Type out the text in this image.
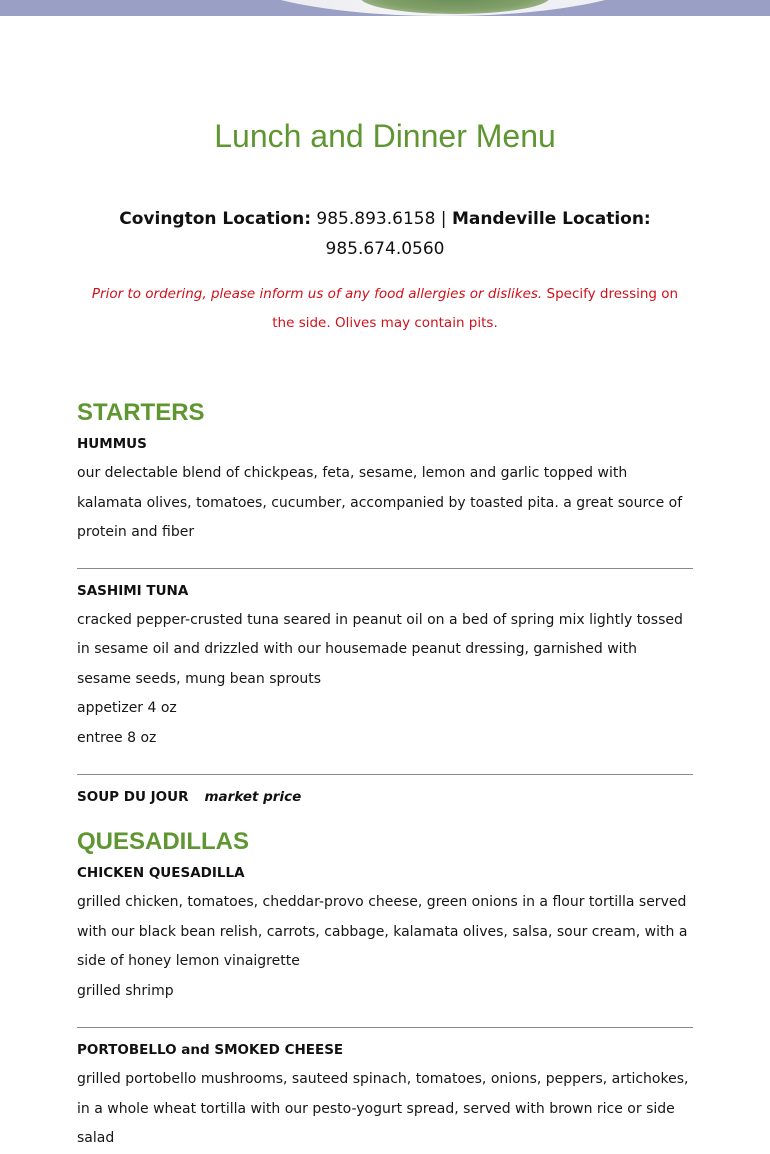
Lunch and Dinner Menu

Covington Location: 985.893.6158 | Mandeville Location:
985.674.0560

Prior to ordering, please inform us of any food allergies or dislikes. Specify dressing on the side. Olives may contain pits.

STARTERS

HUMMUS

our delectable blend of chickpeas, feta, sesame, lemon and garlic topped with kalamata olives, tomatoes, cucumber, accompanied by toasted pita. a great source of protein and fiber

SASHIMI TUNA

cracked pepper-crusted tuna seared in peanut oil on a bed of spring mix lightly tossed in sesame oil and drizzled with our housemade peanut dressing, garnished with sesame seeds, mung bean sprouts

appetizer 4 oz

entree 8 oz

SOUP DU JOUR market price

QUESADILLAS

CHICKEN QUESADILLA

grilled chicken, tomatoes, cheddar-provo cheese, green onions in a flour tortilla served with our black bean relish, carrots, cabbage, kalamata olives, salsa, sour cream, with a side of honey lemon vinaigrette

grilled shrimp

PORTOBELLO and SMOKED CHEESE

grilled portobello mushrooms, sauteed spinach, tomatoes, onions, peppers, artichokes, in a whole wheat tortilla with our pesto-yogurt spread, served with brown rice or side salad
